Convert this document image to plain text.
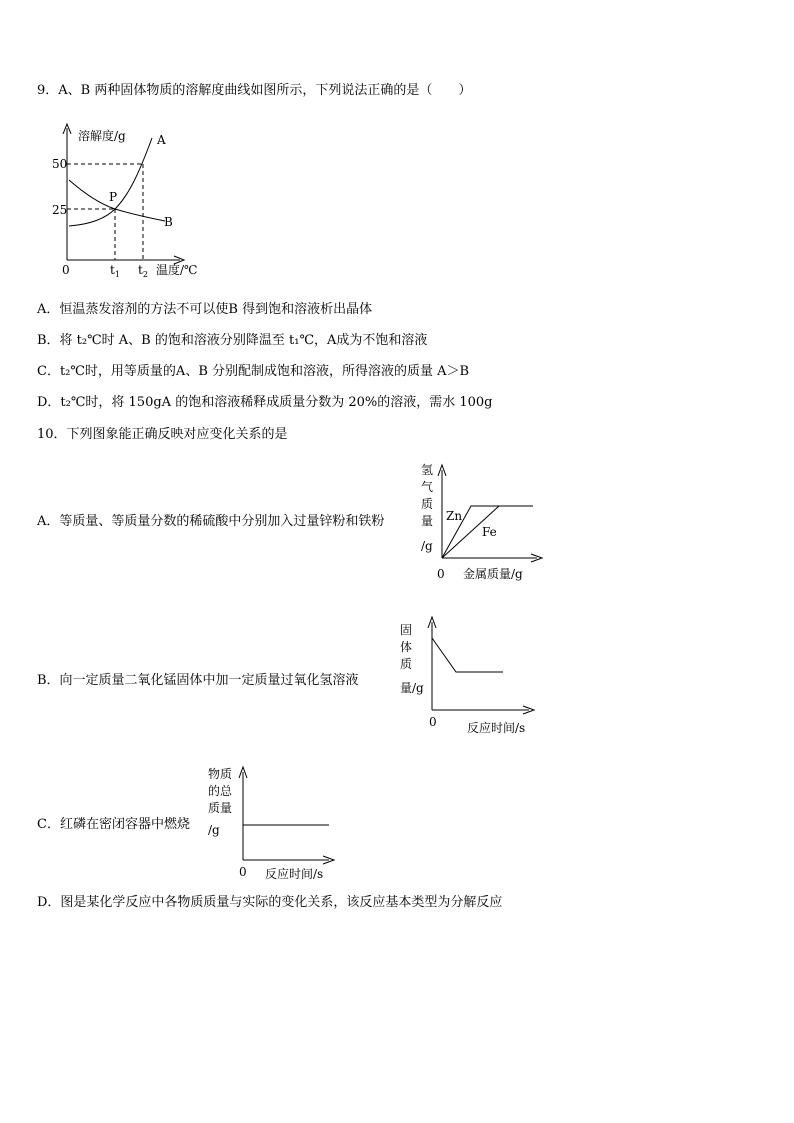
9．A、B 两种固体物质的溶解度曲线如图所示，下列说法正确的是（　　）
溶解度/g
温度/℃
0
50
25
A
B
P
$t_1$ $t_2$
A．恒温蒸发溶剂的方法不可以使B 得到饱和溶液析出晶体
B．将 t₂℃时 A、B 的饱和溶液分别降温至 t₁℃，A成为不饱和溶液
C．t₂℃时，用等质量的A、B 分别配制成饱和溶液，所得溶液的质量 A＞B
D．t₂℃时，将 150gA 的饱和溶液稀释成质量分数为 20%的溶液，需水 100g
10．下列图象能正确反映对应变化关系的是
A．等质量、等质量分数的稀硫酸中分别加入过量锌粉和铁粉
氢
气
质
量
/g
0 金属质量/g
Zn
Fe
B．向一定质量二氧化锰固体中加一定质量过氧化氢溶液
固
体
质
量/g
0	反应时间/s
C．红磷在密闭容器中燃烧
物质
的总
质量
/g
0 反应时间/s
D．图是某化学反应中各物质质量与实际的变化关系，该反应基本类型为分解反应
